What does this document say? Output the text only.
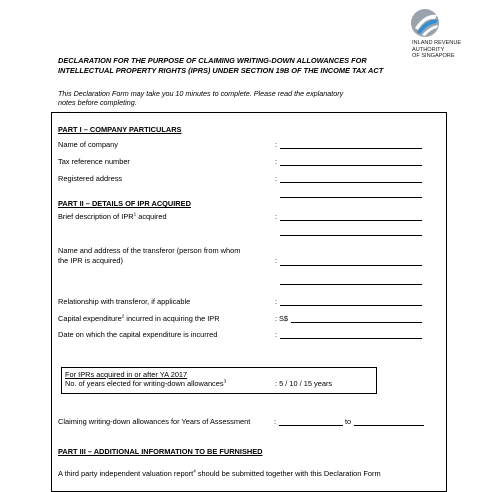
INLAND REVENUE
AUTHORITY
OF SINGAPORE
DECLARATION FOR THE PURPOSE OF CLAIMING WRITING-DOWN ALLOWANCES FOR
INTELLECTUAL PROPERTY RIGHTS (IPRS) UNDER SECTION 19B OF THE INCOME TAX ACT
This Declaration Form may take you 10 minutes to complete. Please read the explanatory
notes before completing.
PART I – COMPANY PARTICULARS
Name of company	:
Tax reference number	:
Registered address	:
PART II – DETAILS OF IPR ACQUIRED
Brief description of IPR$^1$ acquired	:
Name and address of the transferor (person from whom
the IPR is acquired)	:
Relationship with transferor, if applicable	:
Capital expenditure$^2$ incurred in acquiring the IPR	: S$
Date on which the capital expenditure is incurred	:
For IPRs acquired in or after YA 2017
No. of years elected for writing-down allowances$^3$	: 5 / 10 / 15 years
Claiming writing-down allowances for Years of Assessment	:	to
PART III – ADDITIONAL INFORMATION TO BE FURNISHED
A third party independent valuation report$^4$ should be submitted together with this Declaration Form
